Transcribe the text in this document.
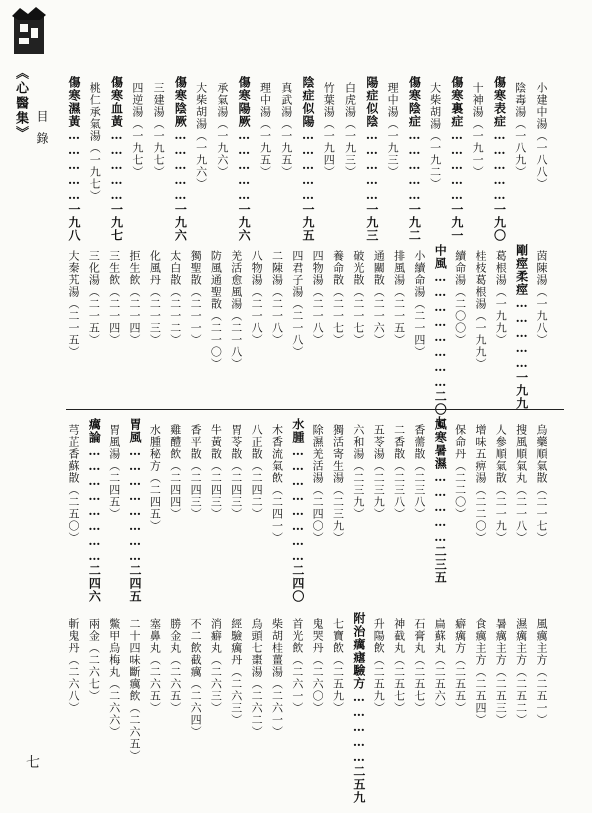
《心醫集》 目錄
七
小建中湯（一八八）
陰毒湯（一八九）
傷寒表症……………一九〇
十神湯（一九一）
傷寒裏症……………一九一
大柴胡湯（一九二）
傷寒陰症……………一九二
理中湯（一九三）
陽症似陰……………一九三
白虎湯（一九三）
竹葉湯（一九四）
陰症似陽……………一九五
真武湯（一九五）
理中湯（一九五）
傷寒陽厥……………一九六
承氣湯（一九六）
大柴胡湯（一九六）
傷寒陰厥……………一九六
三建湯（一九七）
四逆湯（一九七）
傷寒血黃……………一九七
桃仁承氣湯（一九七）
傷寒濕黃……………一九八
茵陳湯（一九八）
剛痙柔痙……………一九九
葛根湯（一九九）
桂枝葛根湯（一九九）
續命湯（二〇〇）
中風……………………二〇七
小續命湯（二一四）
排風湯（二一五）
通關散（二一六）
破光散（二一七）
養命散（二一七）
四物湯（二一八）
四君子湯（二一八）
二陳湯（二一八）
八物湯（二一八）
羌活愈風湯（二一八）
防風通聖散（二一〇）
獨聖散（二一一）
太白散（二一二）
化風丹（二一三）
拒生飲（二一四）
三生飲（二一四）
三化湯（二一五）
大秦艽湯（二一五）
烏藥順氣散（二一七）
搜風順氣丸（二一八）
人參順氣散（二一九）
增味五痹湯（二二〇）
保命丹（二二〇）
風寒暑濕……………二三五
香薷散（二三八）
二香散（二三八）
五苓湯（二三九）
六和湯（二三九）
獨活寄生湯（二三九）
除濕羌活湯（二四〇）
水腫……………………二四〇
木香流氣飲（二四一）
八正散（二四二）
胃苓散（二四三）
牛黃散（二四三）
香平散（二四三）
雞醴飲（二四四）
水腫秘方（二四五）
胃風……………………二四五
胃風湯（二四五）
癘論……………………二四六
芎芷香蘇散（二五〇）
風癘主方（二五一）
濕癘主方（二五二）
暑癘主方（二五三）
食癘主方（二五四）
癖癘方（二五五）
扁蘇丸（二五六）
石膏丸（二五七）
神截丸（二五七）
升陽飲（二五九）
附治癘瘧驗方……………二五九
七寶飲（二五九）
鬼哭丹（二六〇）
首光飲（二六一）
柴胡桂薑湯（二六一）
烏頭七棗湯（二六二）
經驗癘丹（二六三）
消癖丸（二六三）
不二飲截癘（二六四）
勝金丸（二六五）
塞鼻丸（二六五）
二十四味斷癘飲（二六五）
鱉甲烏梅丸（二六六）
兩金（二六七）
斬鬼丹（二六八）
